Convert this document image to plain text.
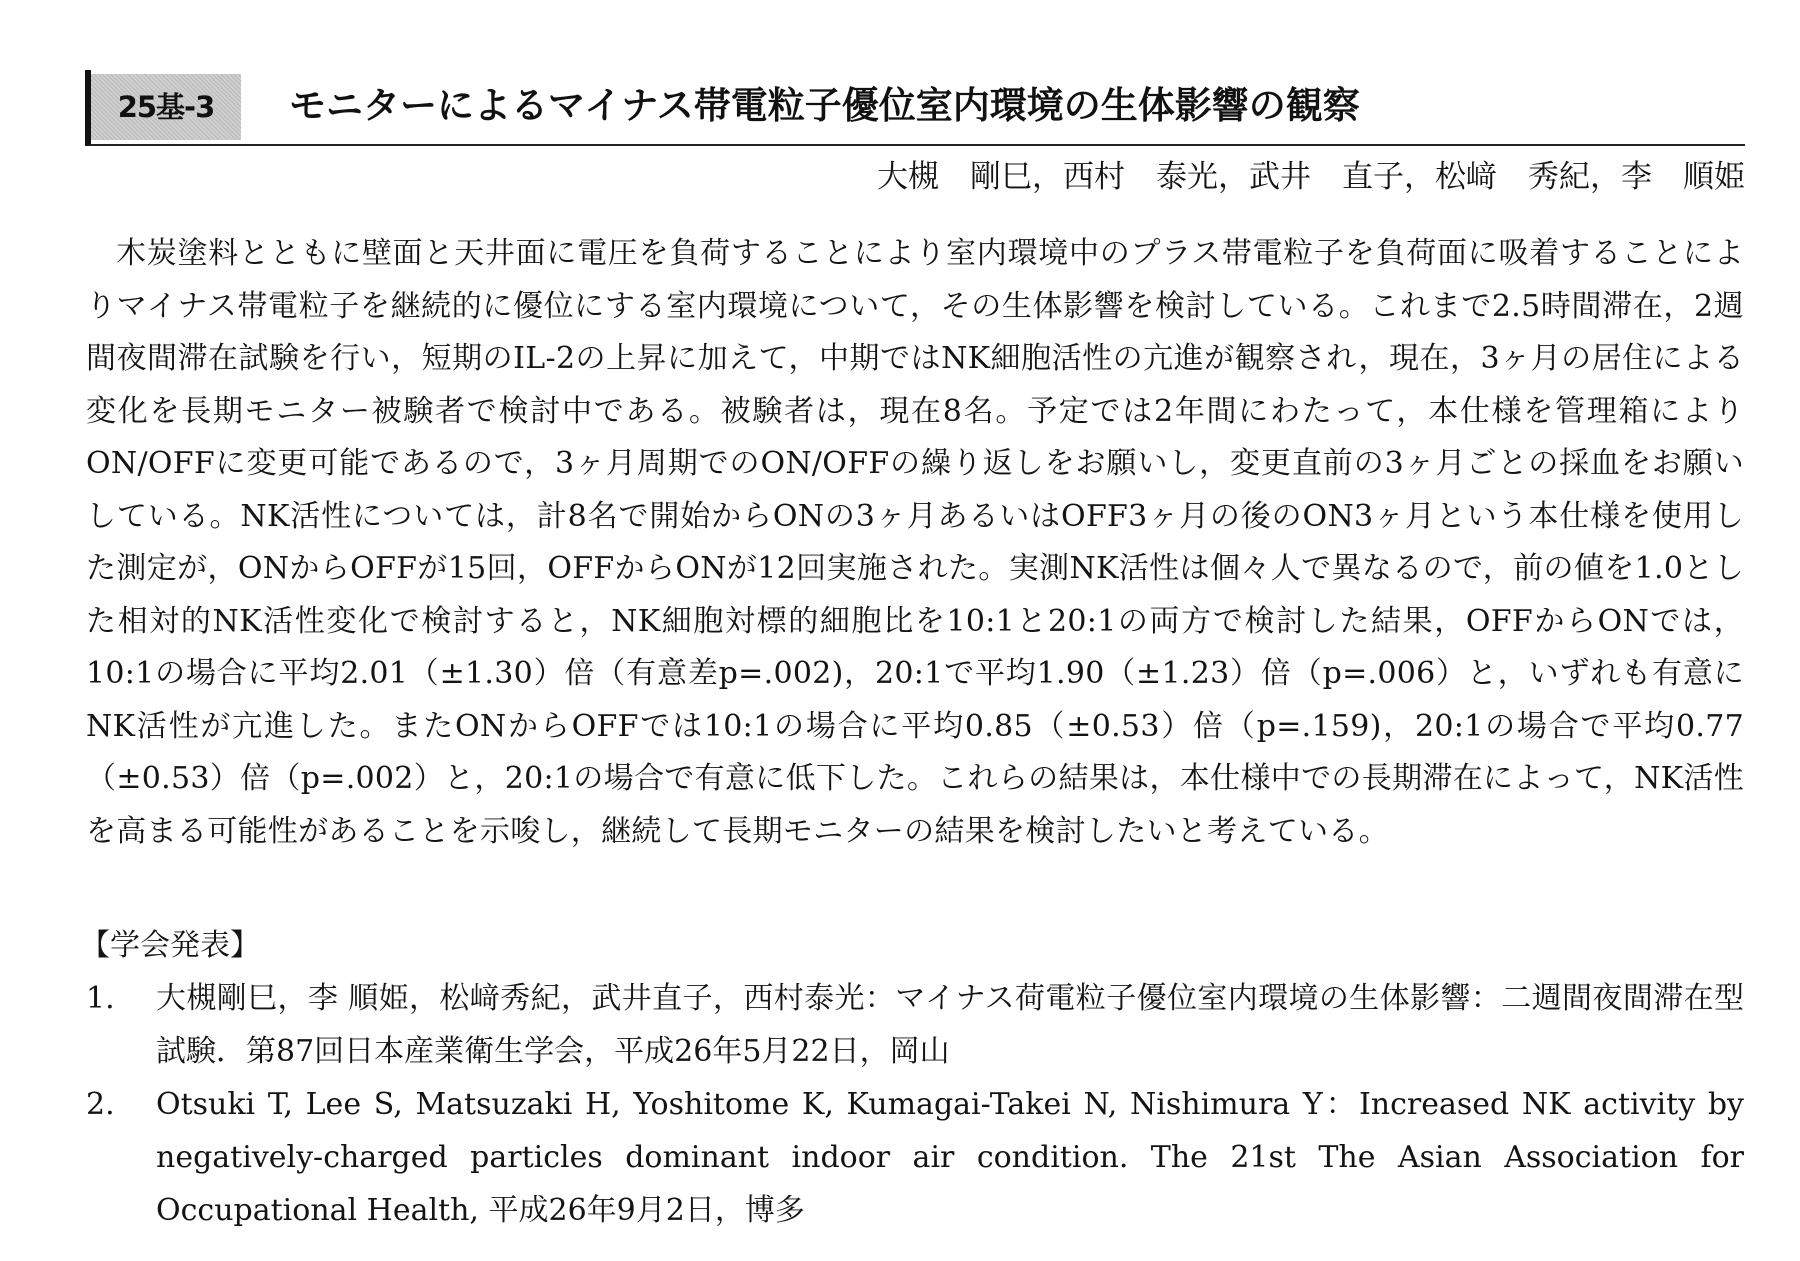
25基-3	モニターによるマイナス帯電粒子優位室内環境の生体影響の観察
大槻　剛巳，西村　泰光，武井　直子，松﨑　秀紀，李　順姫

木炭塗料とともに壁面と天井面に電圧を負荷することにより室内環境中のプラス帯電粒子を負荷面に吸着することによりマイナス帯電粒子を継続的に優位にする室内環境について，その生体影響を検討している。これまで2.5時間滞在，2週間夜間滞在試験を行い，短期のIL-2の上昇に加えて，中期ではNK細胞活性の亢進が観察され，現在，3ヶ月の居住による変化を長期モニター被験者で検討中である。被験者は，現在8名。予定では2年間にわたって，本仕様を管理箱によりON/OFFに変更可能であるので，3ヶ月周期でのON/OFFの繰り返しをお願いし，変更直前の3ヶ月ごとの採血をお願いしている。NK活性については，計8名で開始からONの3ヶ月あるいはOFF3ヶ月の後のON3ヶ月という本仕様を使用した測定が，ONからOFFが15回，OFFからONが12回実施された。実測NK活性は個々人で異なるので，前の値を1.0とした相対的NK活性変化で検討すると，NK細胞対標的細胞比を10:1と20:1の両方で検討した結果，OFFからONでは，10:1の場合に平均2.01（±1.30）倍（有意差p=.002)，20:1で平均1.90（±1.23）倍（p=.006）と，いずれも有意にNK活性が亢進した。またONからOFFでは10:1の場合に平均0.85（±0.53）倍（p=.159)，20:1の場合で平均0.77（±0.53）倍（p=.002）と，20:1の場合で有意に低下した。これらの結果は，本仕様中での長期滞在によって，NK活性を高まる可能性があることを示唆し，継続して長期モニターの結果を検討したいと考えている。

【学会発表】
1. 大槻剛巳，李 順姫，松﨑秀紀，武井直子，西村泰光：マイナス荷電粒子優位室内環境の生体影響：二週間夜間滞在型試験．第87回日本産業衛生学会，平成26年5月22日，岡山
2. Otsuki T, Lee S, Matsuzaki H, Yoshitome K, Kumagai-Takei N, Nishimura Y：Increased NK activity by negatively-charged particles dominant indoor air condition. The 21st The Asian Association for Occupational Health, 平成26年9月2日，博多
